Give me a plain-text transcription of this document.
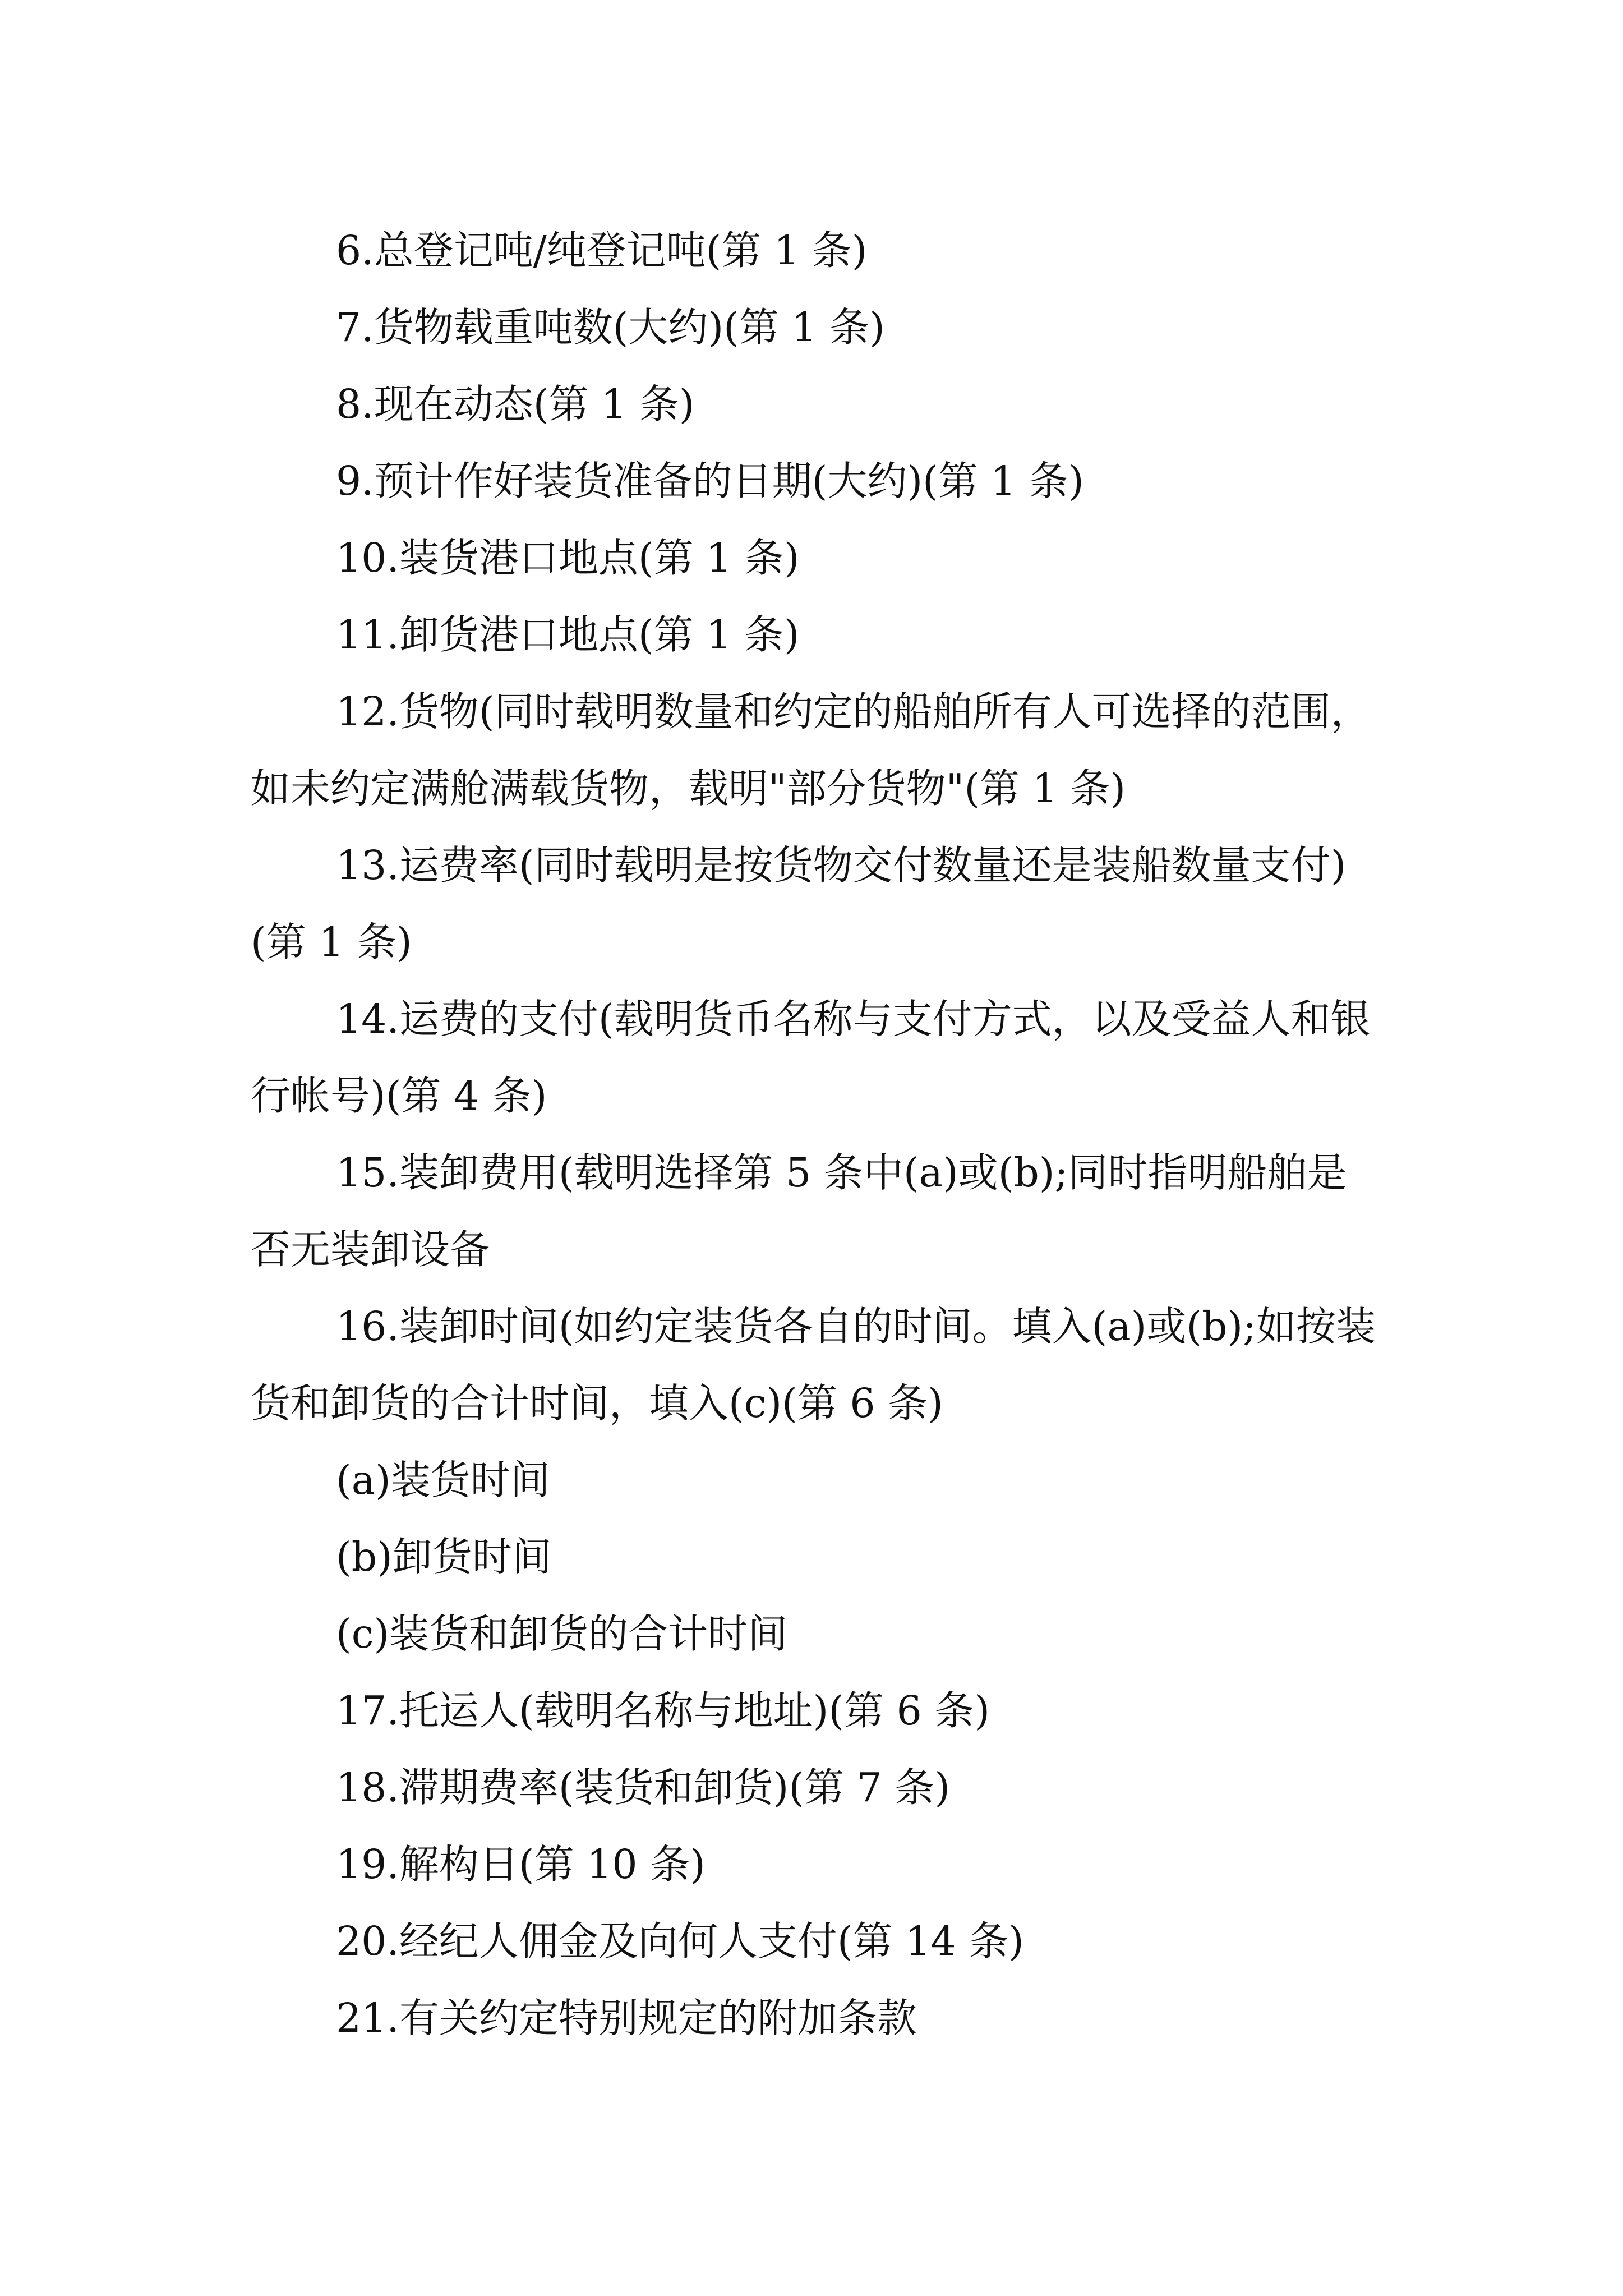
6.总登记吨/纯登记吨(第 1 条)

7.货物载重吨数(大约)(第 1 条)

8.现在动态(第 1 条)

9.预计作好装货准备的日期(大约)(第 1 条)

10.装货港口地点(第 1 条)

11.卸货港口地点(第 1 条)

12.货物(同时载明数量和约定的船舶所有人可选择的范围，如未约定满舱满载货物，载明"部分货物"(第 1 条)

13.运费率(同时载明是按货物交付数量还是装船数量支付)(第 1 条)

14.运费的支付(载明货币名称与支付方式，以及受益人和银行帐号)(第 4 条)

15.装卸费用(载明选择第 5 条中(a)或(b);同时指明船舶是否无装卸设备

16.装卸时间(如约定装货各自的时间。填入(a)或(b);如按装货和卸货的合计时间，填入(c)(第 6 条)

(a)装货时间

(b)卸货时间

(c)装货和卸货的合计时间

17.托运人(载明名称与地址)(第 6 条)

18.滞期费率(装货和卸货)(第 7 条)

19.解构日(第 10 条)

20.经纪人佣金及向何人支付(第 14 条)

21.有关约定特别规定的附加条款
